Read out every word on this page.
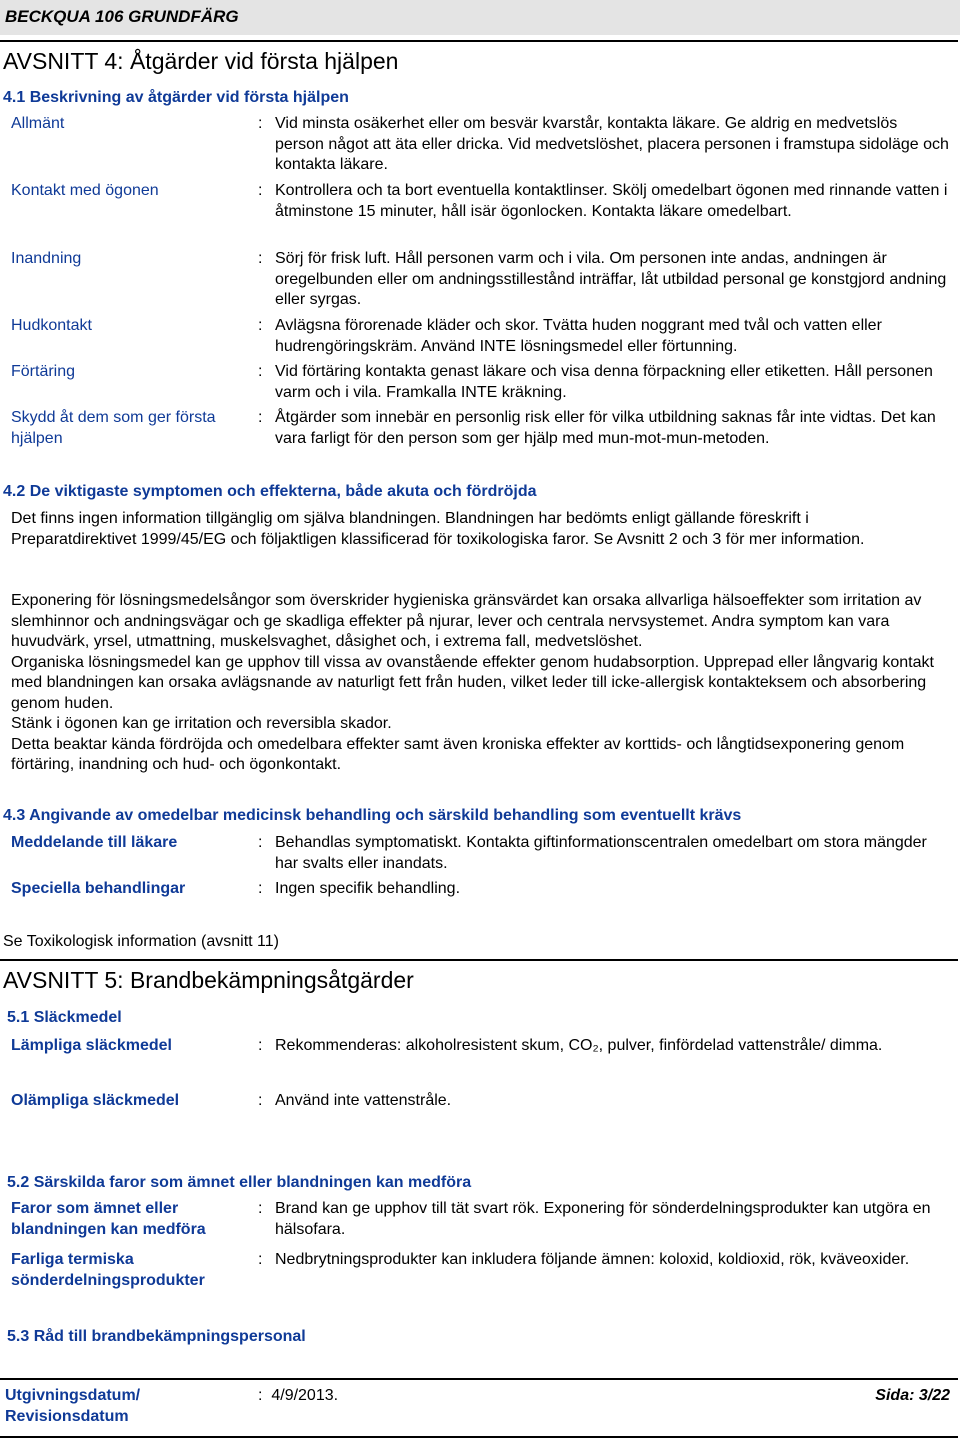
BECKQUA 106 GRUNDFÄRG
AVSNITT 4: Åtgärder vid första hjälpen
4.1 Beskrivning av åtgärder vid första hjälpen
Allmänt	: Vid minsta osäkerhet eller om besvär kvarstår, kontakta läkare. Ge aldrig en medvetslös person något att äta eller dricka. Vid medvetslöshet, placera personen i framstupa sidoläge och kontakta läkare.
Kontakt med ögonen	: Kontrollera och ta bort eventuella kontaktlinser. Skölj omedelbart ögonen med rinnande vatten i åtminstone 15 minuter, håll isär ögonlocken. Kontakta läkare omedelbart.
Inandning	: Sörj för frisk luft. Håll personen varm och i vila. Om personen inte andas, andningen är oregelbunden eller om andningsstillestånd inträffar, låt utbildad personal ge konstgjord andning eller syrgas.
Hudkontakt	: Avlägsna förorenade kläder och skor. Tvätta huden noggrant med tvål och vatten eller hudrengöringskräm. Använd INTE lösningsmedel eller förtunning.
Förtäring	: Vid förtäring kontakta genast läkare och visa denna förpackning eller etiketten. Håll personen varm och i vila. Framkalla INTE kräkning.
Skydd åt dem som ger första hjälpen
: Åtgärder som innebär en personlig risk eller för vilka utbildning saknas får inte vidtas. Det kan vara farligt för den person som ger hjälp med mun-mot-mun-metoden.
4.2 De viktigaste symptomen och effekterna, både akuta och fördröjda
Det finns ingen information tillgänglig om själva blandningen. Blandningen har bedömts enligt gällande föreskrift i Preparatdirektivet 1999/45/EG och följaktligen klassificerad för toxikologiska faror. Se Avsnitt 2 och 3 för mer information.
Exponering för lösningsmedelsångor som överskrider hygieniska gränsvärdet kan orsaka allvarliga hälsoeffekter som irritation av slemhinnor och andningsvägar och ge skadliga effekter på njurar, lever och centrala nervsystemet. Andra symptom kan vara huvudvärk, yrsel, utmattning, muskelsvaghet, dåsighet och, i extrema fall, medvetslöshet.
Organiska lösningsmedel kan ge upphov till vissa av ovanstående effekter genom hudabsorption. Upprepad eller långvarig kontakt med blandningen kan orsaka avlägsnande av naturligt fett från huden, vilket leder till icke-allergisk kontakteksem och absorbering genom huden.
Stänk i ögonen kan ge irritation och reversibla skador.
Detta beaktar kända fördröjda och omedelbara effekter samt även kroniska effekter av korttids- och långtidsexponering genom förtäring, inandning och hud- och ögonkontakt.
4.3 Angivande av omedelbar medicinsk behandling och särskild behandling som eventuellt krävs
Meddelande till läkare	: Behandlas symptomatiskt. Kontakta giftinformationscentralen omedelbart om stora mängder har svalts eller inandats.
Speciella behandlingar	: Ingen specifik behandling.
Se Toxikologisk information (avsnitt 11)
AVSNITT 5: Brandbekämpningsåtgärder
5.1 Släckmedel
Lämpliga släckmedel	: Rekommenderas: alkoholresistent skum, CO₂, pulver, finfördelad vattenstråle/ dimma.
Olämpliga släckmedel	: Använd inte vattenstråle.
5.2 Särskilda faror som ämnet eller blandningen kan medföra
Faror som ämnet eller blandningen kan medföra
: Brand kan ge upphov till tät svart rök. Exponering för sönderdelningsprodukter kan utgöra en hälsofara.
Farliga termiska sönderdelningsprodukter
: Nedbrytningsprodukter kan inkludera följande ämnen: koloxid, koldioxid, rök, kväveoxider.
5.3 Råd till brandbekämpningspersonal
Utgivningsdatum/ Revisionsdatum
: 4/9/2013.	Sida: 3/22
